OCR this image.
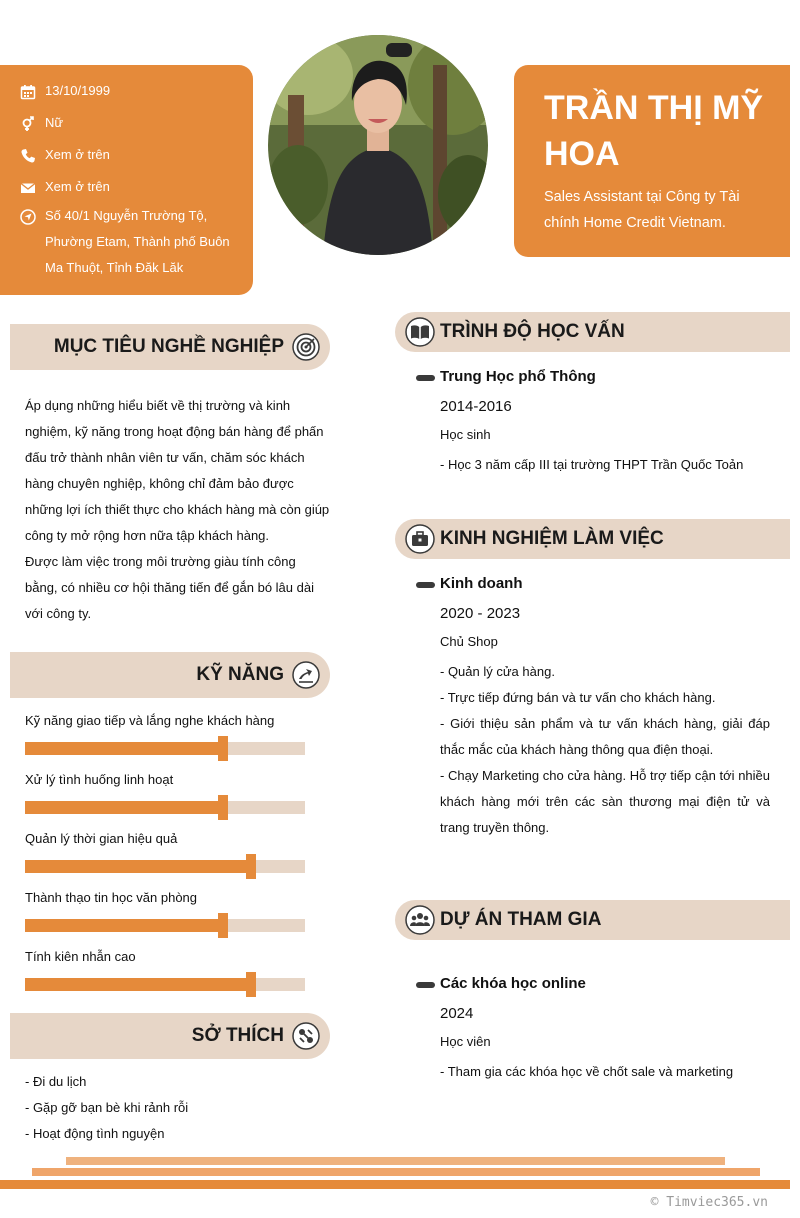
13/10/1999
Nữ
Xem ở trên
Xem ở trên
Số 40/1 Nguyễn Trường Tộ, Phường Etam, Thành phố Buôn Ma Thuột, Tỉnh Đăk Lăk
TRẦN THỊ MỸ HOA
Sales Assistant tại Công ty Tài chính Home Credit Vietnam.
MỤC TIÊU NGHỀ NGHIỆP
Áp dụng những hiểu biết về thị trường và kinh nghiệm, kỹ năng trong hoạt động bán hàng để phấn đấu trở thành nhân viên tư vấn, chăm sóc khách hàng chuyên nghiệp, không chỉ đảm bảo được những lợi ích thiết thực cho khách hàng mà còn giúp công ty mở rộng hơn nữa tập khách hàng.
Được làm việc trong môi trường giàu tính công bằng, có nhiều cơ hội thăng tiến để gắn bó lâu dài với công ty.
KỸ NĂNG
Kỹ năng giao tiếp và lắng nghe khách hàng
Xử lý tình huống linh hoạt
Quản lý thời gian hiệu quả
Thành thạo tin học văn phòng
Tính kiên nhẫn cao
SỞ THÍCH
- Đi du lịch
- Gặp gỡ bạn bè khi rảnh rỗi
- Hoạt động tình nguyện
TRÌNH ĐỘ HỌC VẤN
Trung Học phổ Thông
2014-2016
Học sinh
- Học 3 năm cấp III tại trường THPT Trần Quốc Toản
KINH NGHIỆM LÀM VIỆC
Kinh doanh
2020 - 2023
Chủ Shop
- Quản lý cửa hàng.
- Trực tiếp đứng bán và tư vấn cho khách hàng.
- Giới thiệu sản phẩm và tư vấn khách hàng, giải đáp thắc mắc của khách hàng thông qua điện thoại.
- Chạy Marketing cho cửa hàng. Hỗ trợ tiếp cận tới nhiều khách hàng mới trên các sàn thương mại điện tử và trang truyền thông.
DỰ ÁN THAM GIA
Các khóa học online
2024
Học viên
- Tham gia các khóa học về chốt sale và marketing
© Timviec365.vn
